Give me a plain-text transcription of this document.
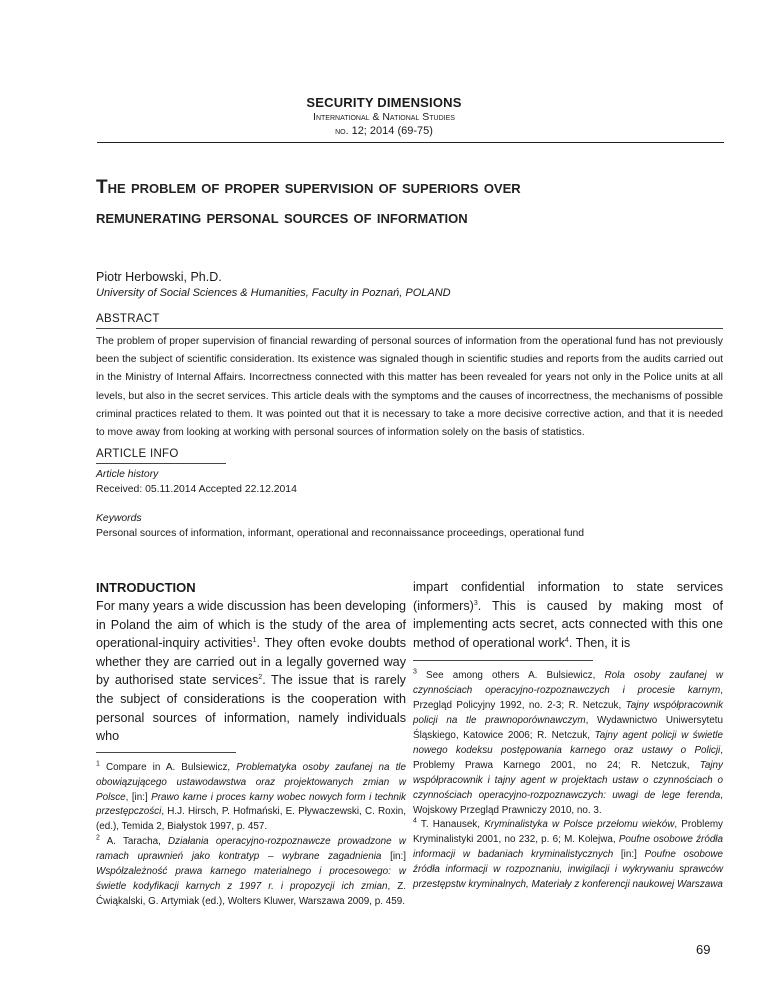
SECURITY DIMENSIONS
International & National Studies
no. 12; 2014 (69-75)
The problem of proper supervision of superiors over
remunerating personal sources of information
Piotr Herbowski, Ph.D.
University of Social Sciences & Humanities, Faculty in Poznań, POLAND
ABSTRACT
The problem of proper supervision of financial rewarding of personal sources of information from the operational fund has not previously been the subject of scientific consideration. Its existence was signaled though in scientific studies and reports from the audits carried out in the Ministry of Internal Affairs. Incorrectness connected with this matter has been revealed for years not only in the Police units at all levels, but also in the secret services. This article deals with the symptoms and the causes of incorrectness, the mechanisms of possible criminal practices related to them. It was pointed out that it is necessary to take a more decisive corrective action, and that it is needed to move away from looking at working with personal sources of information solely on the basis of statistics.
ARTICLE INFO
Article history
Received: 05.11.2014 Accepted 22.12.2014
Keywords
Personal sources of information, informant, operational and reconnaissance proceedings, operational fund
INTRODUCTION

For many years a wide discussion has been developing in Poland the aim of which is the study of the area of operational-inquiry activities$^1$. They often evoke doubts whether they are carried out in a legally governed way by authorised state services$^2$. The issue that is rarely the subject of considerations is the cooperation with personal sources of information, namely individuals who

$^1$ Compare in A. Bulsiewicz, Problematyka osoby zaufanej na tle obowiązującego ustawodawstwa oraz projektowanych zmian w Polsce, [in:] Prawo karne i proces karny wobec nowych form i technik przestępczości, H.J. Hirsch, P. Hofmański, E. Pływaczewski, C. Roxin, (ed.), Temida 2, Białystok 1997, p. 457.

$^2$ A. Taracha, Działania operacyjno-rozpoznawcze prowadzone w ramach uprawnień jako kontratyp – wybrane zagadnienia [in:] Współzależność prawa karnego materialnego i procesowego: w świetle kodyfikacji karnych z 1997 r. i propozycji ich zmian, Z. Ćwiąkalski, G. Artymiak (ed.), Wolters Kluwer, Warszawa 2009, p. 459.

impart confidential information to state services (informers)$^3$. This is caused by making most of implementing acts secret, acts connected with this one method of operational work$^4$. Then, it is

$^3$ See among others A. Bulsiewicz, Rola osoby zaufanej w czynnościach operacyjno-rozpoznawczych i procesie karnym, Przegląd Policyjny 1992, no. 2-3; R. Netczuk, Tajny współpracownik policji na tle prawnoporównawczym, Wydawnictwo Uniwersytetu Śląskiego, Katowice 2006; R. Netczuk, Tajny agent policji w świetle nowego kodeksu postępowania karnego oraz ustawy o Policji, Problemy Prawa Karnego 2001, no 24; R. Netczuk, Tajny współpracownik i tajny agent w projektach ustaw o czynnościach o czynnościach operacyjno-rozpoznawczych: uwagi de lege ferenda, Wojskowy Przegląd Prawniczy 2010, no. 3.

$^4$ T. Hanausek, Kryminalistyka w Polsce przełomu wieków, Problemy Kryminalistyki 2001, no 232, p. 6; M. Kolejwa, Poufne osobowe źródła informacji w badaniach kryminalistycznych [in:] Poufne osobowe źródła informacji w rozpoznaniu, inwigilacji i wykrywaniu sprawców przestępstw kryminalnych, Materiały z konferencji naukowej Warszawa

69
